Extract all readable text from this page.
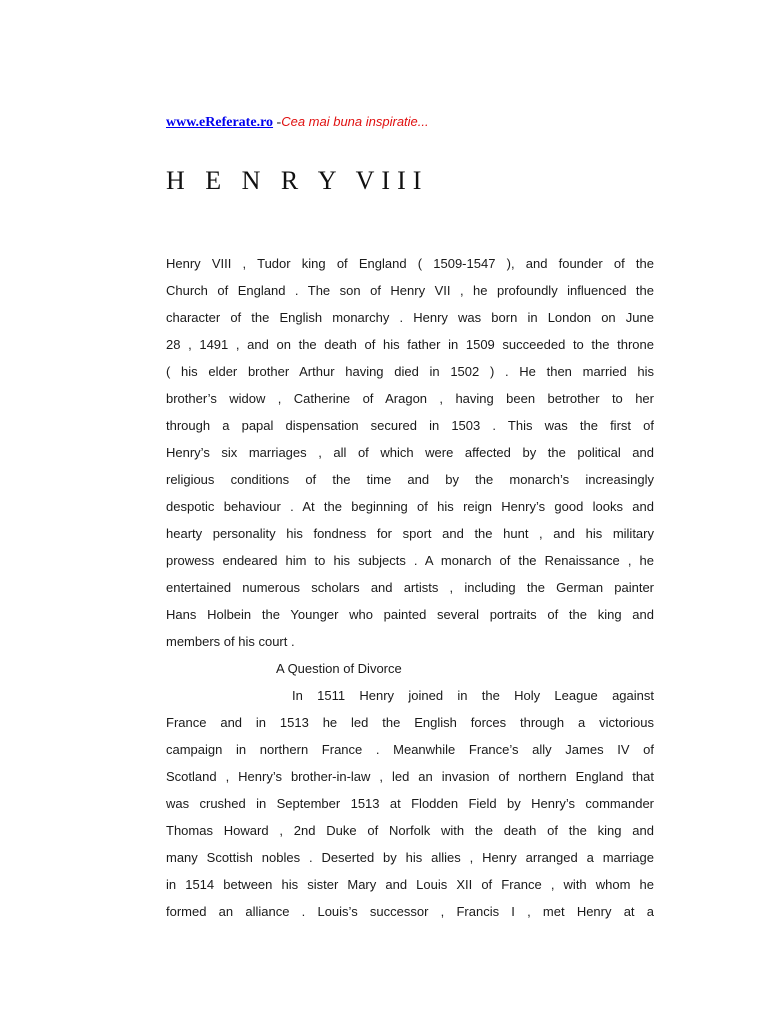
www.eReferate.ro -Cea mai buna inspiratie...
H E N R Y VIII
Henry VIII , Tudor king of England ( 1509-1547 ), and founder of the
Church of England . The son of Henry VII , he profoundly influenced the
character of the English monarchy . Henry was born in London on June
28 , 1491 , and on the death of his father in 1509 succeeded to the throne
( his elder brother Arthur having died in 1502 ) . He then married his
brother’s widow , Catherine of Aragon , having been betrother to her
through a papal dispensation secured in 1503 . This was the first of
Henry’s six marriages , all of which were affected by the political and
religious conditions of the time and by the monarch’s increasingly
despotic behaviour . At the beginning of his reign Henry’s good looks and
hearty personality his fondness for sport and the hunt , and his military
prowess endeared him to his subjects . A monarch of the Renaissance , he
entertained numerous scholars and artists , including the German painter
Hans Holbein the Younger who painted several portraits of the king and
members of his court .
A Question of Divorce
In 1511 Henry joined in the Holy League against
France and in 1513 he led the English forces through a victorious
campaign in northern France . Meanwhile France’s ally James IV of
Scotland , Henry’s brother-in-law , led an invasion of northern England that
was crushed in September 1513 at Flodden Field by Henry’s commander
Thomas Howard , 2nd Duke of Norfolk with the death of the king and
many Scottish nobles . Deserted by his allies , Henry arranged a marriage
in 1514 between his sister Mary and Louis XII of France , with whom he
formed an alliance . Louis’s successor , Francis I , met Henry at a
